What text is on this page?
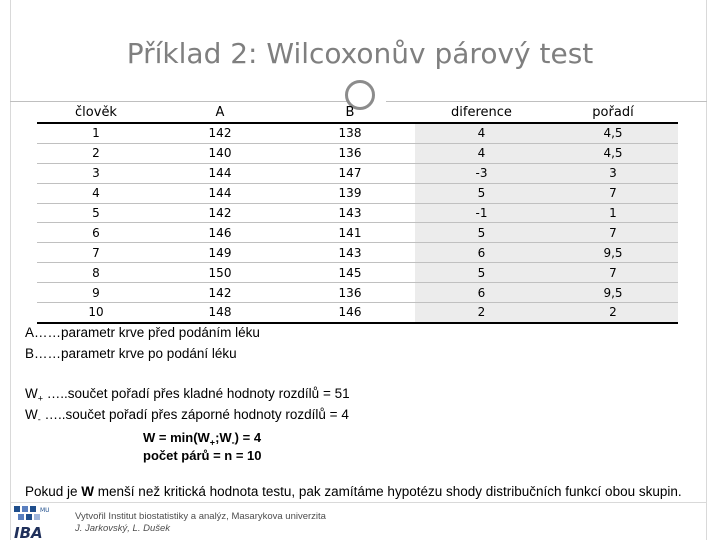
Příklad 2: Wilcoxonův párový test
člověk	A	B	diference	pořadí
1	142	138	4	4,5
2	140	136	4	4,5
3	144	147	-3	3
4	144	139	5	7
5	142	143	-1	1
6	146	141	5	7
7	149	143	6	9,5
8	150	145	5	7
9	142	136	6	9,5
10	148	146	2	2
A……parametr krve před podáním léku
B……parametr krve po podání léku
$W_+$ …..součet pořadí přes kladné hodnoty rozdílů = 51
$W_-$ …..součet pořadí přes záporné hodnoty rozdílů = 4
$W = \min(W_+;W_-) = 4$
počet párů = n = 10
Pokud je W menší než kritická hodnota testu, pak zamítáme hypotézu shody distribučních funkcí obou skupin.
MU
IBA
Vytvořil Institut biostatistiky a analýz, Masarykova univerzita
J. Jarkovský, L. Dušek
